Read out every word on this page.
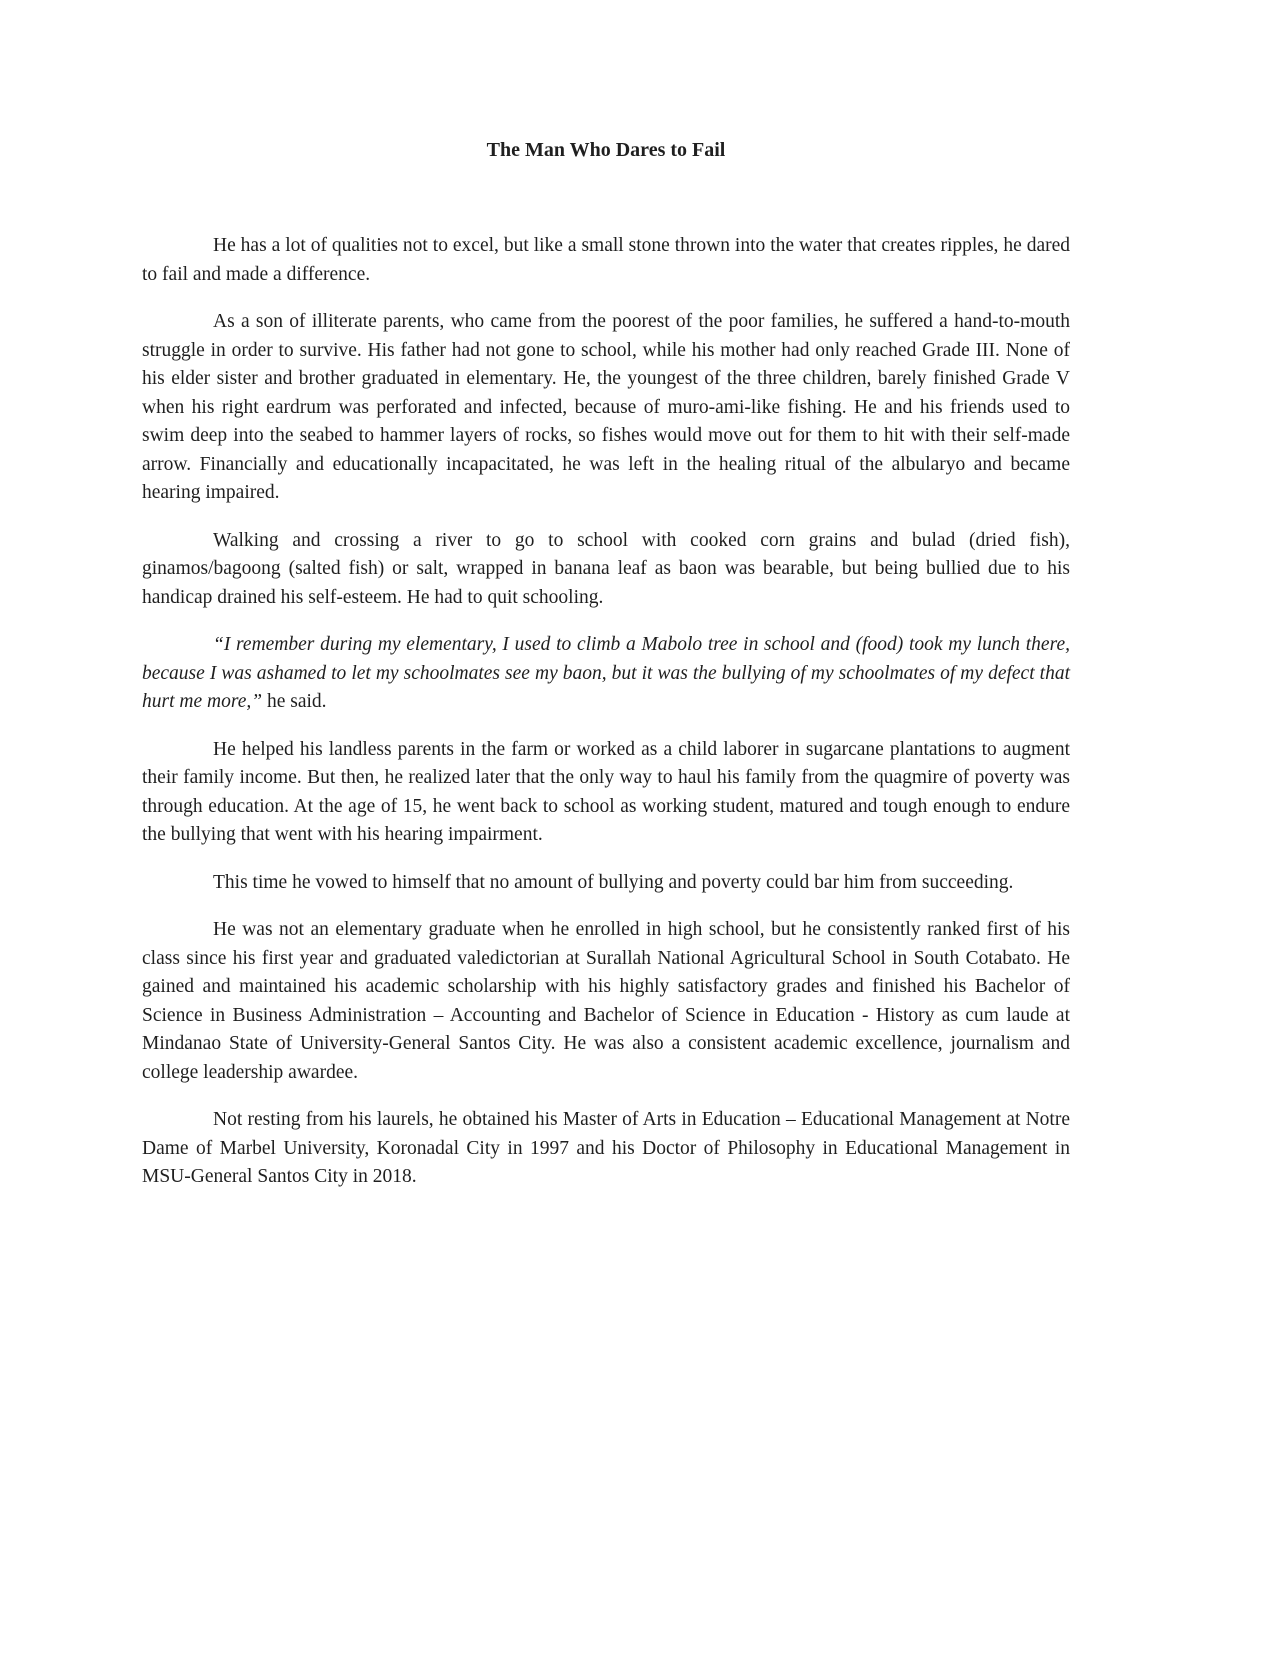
The Man Who Dares to Fail

He has a lot of qualities not to excel, but like a small stone thrown into the water that creates ripples, he dared to fail and made a difference.

As a son of illiterate parents, who came from the poorest of the poor families, he suffered a hand-to-mouth struggle in order to survive. His father had not gone to school, while his mother had only reached Grade III. None of his elder sister and brother graduated in elementary. He, the youngest of the three children, barely finished Grade V when his right eardrum was perforated and infected, because of muro-ami-like fishing. He and his friends used to swim deep into the seabed to hammer layers of rocks, so fishes would move out for them to hit with their self-made arrow. Financially and educationally incapacitated, he was left in the healing ritual of the albularyo and became hearing impaired.

Walking and crossing a river to go to school with cooked corn grains and bulad (dried fish), ginamos/bagoong (salted fish) or salt, wrapped in banana leaf as baon was bearable, but being bullied due to his handicap drained his self-esteem. He had to quit schooling.

“I remember during my elementary, I used to climb a Mabolo tree in school and (food) took my lunch there, because I was ashamed to let my schoolmates see my baon, but it was the bullying of my schoolmates of my defect that hurt me more,” he said.

He helped his landless parents in the farm or worked as a child laborer in sugarcane plantations to augment their family income. But then, he realized later that the only way to haul his family from the quagmire of poverty was through education. At the age of 15, he went back to school as working student, matured and tough enough to endure the bullying that went with his hearing impairment.

This time he vowed to himself that no amount of bullying and poverty could bar him from succeeding.

He was not an elementary graduate when he enrolled in high school, but he consistently ranked first of his class since his first year and graduated valedictorian at Surallah National Agricultural School in South Cotabato. He gained and maintained his academic scholarship with his highly satisfactory grades and finished his Bachelor of Science in Business Administration – Accounting and Bachelor of Science in Education - History as cum laude at Mindanao State of University-General Santos City. He was also a consistent academic excellence, journalism and college leadership awardee.

Not resting from his laurels, he obtained his Master of Arts in Education – Educational Management at Notre Dame of Marbel University, Koronadal City in 1997 and his Doctor of Philosophy in Educational Management in MSU-General Santos City in 2018.
